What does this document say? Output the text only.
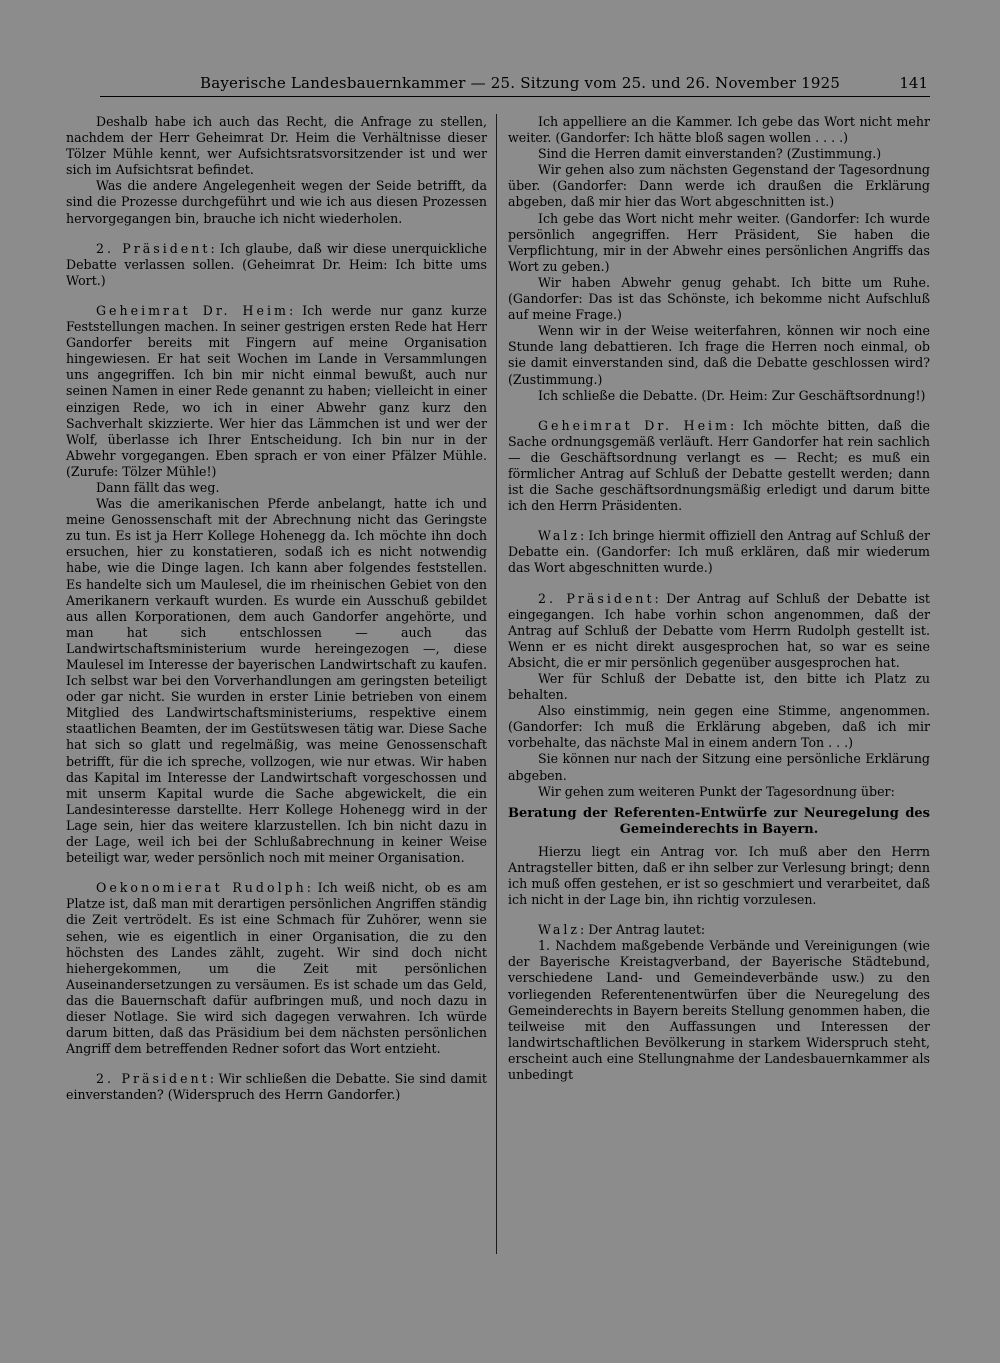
Bayerische Landesbauernkammer — 25. Sitzung vom 25. und 26. November 1925	141

Deshalb habe ich auch das Recht, die Anfrage zu stellen, nachdem der Herr Geheimrat Dr. Heim die Verhältnisse dieser Tölzer Mühle kennt, wer Aufsichtsratsvorsitzender ist und wer sich im Aufsichtsrat befindet.

Was die andere Angelegenheit wegen der Seide betrifft, da sind die Prozesse durchgeführt und wie ich aus diesen Prozessen hervorgegangen bin, brauche ich nicht wiederholen.

2. Präsident: Ich glaube, daß wir diese unerquickliche Debatte verlassen sollen. (Geheimrat Dr. Heim: Ich bitte ums Wort.)

Geheimrat Dr. Heim: Ich werde nur ganz kurze Feststellungen machen. In seiner gestrigen ersten Rede hat Herr Gandorfer bereits mit Fingern auf meine Organisation hingewiesen. Er hat seit Wochen im Lande in Versammlungen uns angegriffen. Ich bin mir nicht einmal bewußt, auch nur seinen Namen in einer Rede genannt zu haben; vielleicht in einer einzigen Rede, wo ich in einer Abwehr ganz kurz den Sachverhalt skizzierte. Wer hier das Lämmchen ist und wer der Wolf, überlasse ich Ihrer Entscheidung. Ich bin nur in der Abwehr vorgegangen. Eben sprach er von einer Pfälzer Mühle. (Zurufe: Tölzer Mühle!)

Dann fällt das weg.

Was die amerikanischen Pferde anbelangt, hatte ich und meine Genossenschaft mit der Abrechnung nicht das Geringste zu tun. Es ist ja Herr Kollege Hohenegg da. Ich möchte ihn doch ersuchen, hier zu konstatieren, sodaß ich es nicht notwendig habe, wie die Dinge lagen. Ich kann aber folgendes feststellen. Es handelte sich um Maulesel, die im rheinischen Gebiet von den Amerikanern verkauft wurden. Es wurde ein Ausschuß gebildet aus allen Korporationen, dem auch Gandorfer angehörte, und man hat sich entschlossen — auch das Landwirtschaftsministerium wurde hereingezogen —, diese Maulesel im Interesse der bayerischen Landwirtschaft zu kaufen. Ich selbst war bei den Vorverhandlungen am geringsten beteiligt oder gar nicht. Sie wurden in erster Linie betrieben von einem Mitglied des Landwirtschaftsministeriums, respektive einem staatlichen Beamten, der im Gestütswesen tätig war. Diese Sache hat sich so glatt und regelmäßig, was meine Genossenschaft betrifft, für die ich spreche, vollzogen, wie nur etwas. Wir haben das Kapital im Interesse der Landwirtschaft vorgeschossen und mit unserm Kapital wurde die Sache abgewickelt, die ein Landesinteresse darstellte. Herr Kollege Hohenegg wird in der Lage sein, hier das weitere klarzustellen. Ich bin nicht dazu in der Lage, weil ich bei der Schlußabrechnung in keiner Weise beteiligt war, weder persönlich noch mit meiner Organisation.

Oekonomierat Rudolph: Ich weiß nicht, ob es am Platze ist, daß man mit derartigen persönlichen Angriffen ständig die Zeit vertrödelt. Es ist eine Schmach für Zuhörer, wenn sie sehen, wie es eigentlich in einer Organisation, die zu den höchsten des Landes zählt, zugeht. Wir sind doch nicht hiehergekommen, um die Zeit mit persönlichen Auseinandersetzungen zu versäumen. Es ist schade um das Geld, das die Bauernschaft dafür aufbringen muß, und noch dazu in dieser Notlage. Sie wird sich dagegen verwahren. Ich würde darum bitten, daß das Präsidium bei dem nächsten persönlichen Angriff dem betreffenden Redner sofort das Wort entzieht.

2. Präsident: Wir schließen die Debatte. Sie sind damit einverstanden? (Widerspruch des Herrn Gandorfer.)

Ich appelliere an die Kammer. Ich gebe das Wort nicht mehr weiter. (Gandorfer: Ich hätte bloß sagen wollen . . . .)

Sind die Herren damit einverstanden? (Zustimmung.)

Wir gehen also zum nächsten Gegenstand der Tagesordnung über. (Gandorfer: Dann werde ich draußen die Erklärung abgeben, daß mir hier das Wort abgeschnitten ist.)

Ich gebe das Wort nicht mehr weiter. (Gandorfer: Ich wurde persönlich angegriffen. Herr Präsident, Sie haben die Verpflichtung, mir in der Abwehr eines persönlichen Angriffs das Wort zu geben.)

Wir haben Abwehr genug gehabt. Ich bitte um Ruhe. (Gandorfer: Das ist das Schönste, ich bekomme nicht Aufschluß auf meine Frage.)

Wenn wir in der Weise weiterfahren, können wir noch eine Stunde lang debattieren. Ich frage die Herren noch einmal, ob sie damit einverstanden sind, daß die Debatte geschlossen wird? (Zustimmung.)

Ich schließe die Debatte. (Dr. Heim: Zur Geschäftsordnung!)

Geheimrat Dr. Heim: Ich möchte bitten, daß die Sache ordnungsgemäß verläuft. Herr Gandorfer hat rein sachlich — die Geschäftsordnung verlangt es — Recht; es muß ein förmlicher Antrag auf Schluß der Debatte gestellt werden; dann ist die Sache geschäftsordnungsmäßig erledigt und darum bitte ich den Herrn Präsidenten.

Walz: Ich bringe hiermit offiziell den Antrag auf Schluß der Debatte ein. (Gandorfer: Ich muß erklären, daß mir wiederum das Wort abgeschnitten wurde.)

2. Präsident: Der Antrag auf Schluß der Debatte ist eingegangen. Ich habe vorhin schon angenommen, daß der Antrag auf Schluß der Debatte vom Herrn Rudolph gestellt ist. Wenn er es nicht direkt ausgesprochen hat, so war es seine Absicht, die er mir persönlich gegenüber ausgesprochen hat.

Wer für Schluß der Debatte ist, den bitte ich Platz zu behalten.

Also einstimmig, nein gegen eine Stimme, angenommen. (Gandorfer: Ich muß die Erklärung abgeben, daß ich mir vorbehalte, das nächste Mal in einem andern Ton . . .)

Sie können nur nach der Sitzung eine persönliche Erklärung abgeben.

Wir gehen zum weiteren Punkt der Tagesordnung über:

Beratung der Referenten-Entwürfe zur Neuregelung des
Gemeinderechts in Bayern.

Hierzu liegt ein Antrag vor. Ich muß aber den Herrn Antragsteller bitten, daß er ihn selber zur Verlesung bringt; denn ich muß offen gestehen, er ist so geschmiert und verarbeitet, daß ich nicht in der Lage bin, ihn richtig vorzulesen.

Walz: Der Antrag lautet:

1. Nachdem maßgebende Verbände und Vereinigungen (wie der Bayerische Kreistagverband, der Bayerische Städtebund, verschiedene Land- und Gemeindeverbände usw.) zu den vorliegenden Referentenentwürfen über die Neuregelung des Gemeinderechts in Bayern bereits Stellung genommen haben, die teilweise mit den Auffassungen und Interessen der landwirtschaftlichen Bevölkerung in starkem Widerspruch steht, erscheint auch eine Stellungnahme der Landesbauernkammer als unbedingt
